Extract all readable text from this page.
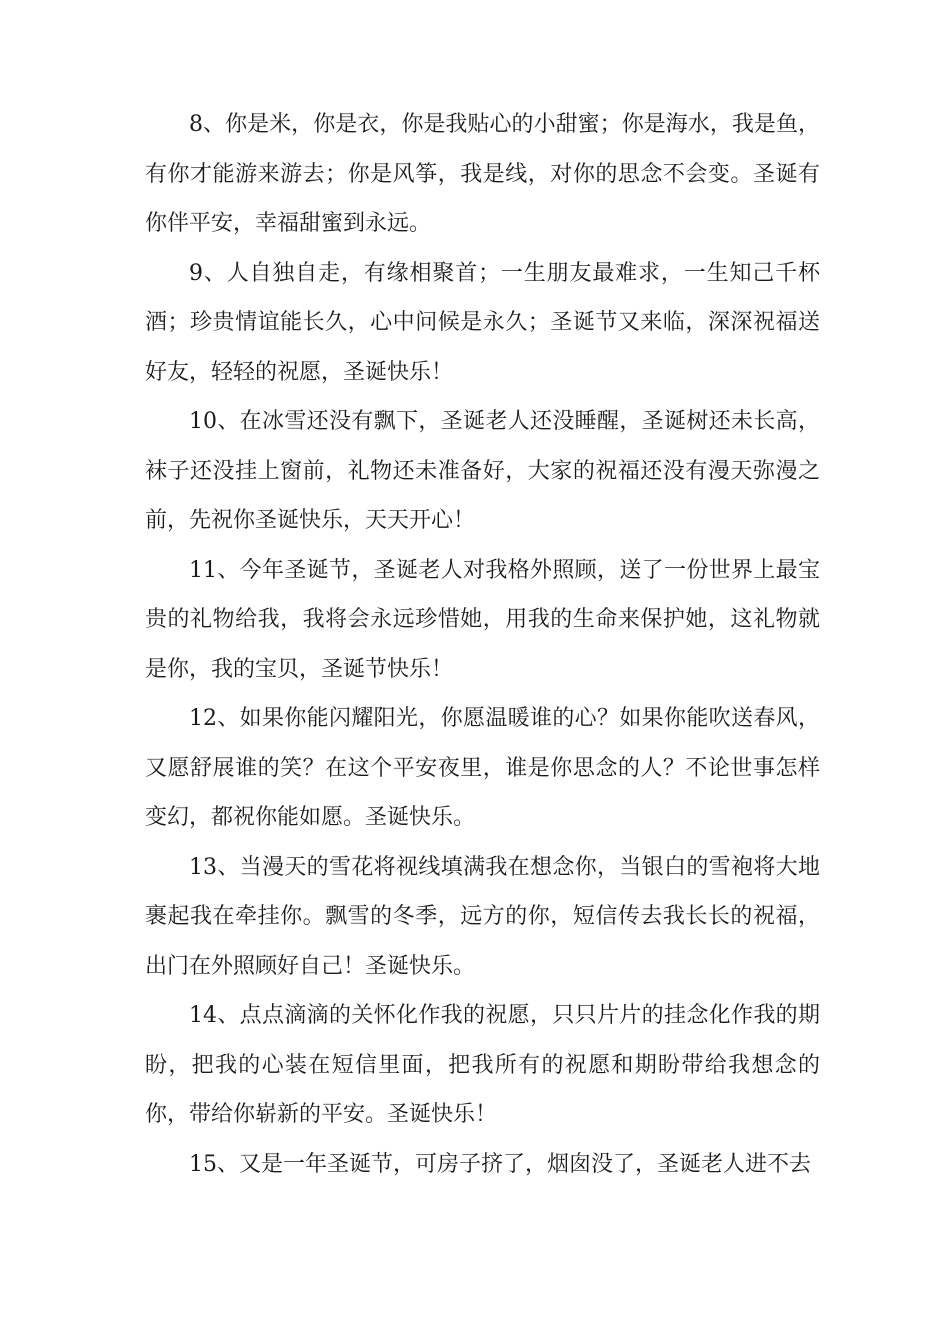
8、你是米，你是衣，你是我贴心的小甜蜜；你是海水，我是鱼，有你才能游来游去；你是风筝，我是线，对你的思念不会变。圣诞有你伴平安，幸福甜蜜到永远。

9、人自独自走，有缘相聚首；一生朋友最难求，一生知己千杯酒；珍贵情谊能长久，心中问候是永久；圣诞节又来临，深深祝福送好友，轻轻的祝愿，圣诞快乐！

10、在冰雪还没有飘下，圣诞老人还没睡醒，圣诞树还未长高，袜子还没挂上窗前，礼物还未准备好，大家的祝福还没有漫天弥漫之前，先祝你圣诞快乐，天天开心！

11、今年圣诞节，圣诞老人对我格外照顾，送了一份世界上最宝贵的礼物给我，我将会永远珍惜她，用我的生命来保护她，这礼物就是你，我的宝贝，圣诞节快乐！

12、如果你能闪耀阳光，你愿温暖谁的心？如果你能吹送春风，又愿舒展谁的笑？在这个平安夜里，谁是你思念的人？不论世事怎样变幻，都祝你能如愿。圣诞快乐。

13、当漫天的雪花将视线填满我在想念你，当银白的雪袍将大地裹起我在牵挂你。飘雪的冬季，远方的你，短信传去我长长的祝福，出门在外照顾好自己！圣诞快乐。

14、点点滴滴的关怀化作我的祝愿，只只片片的挂念化作我的期盼，把我的心装在短信里面，把我所有的祝愿和期盼带给我想念的你，带给你崭新的平安。圣诞快乐！

15、又是一年圣诞节，可房子挤了，烟囱没了，圣诞老人进不去
